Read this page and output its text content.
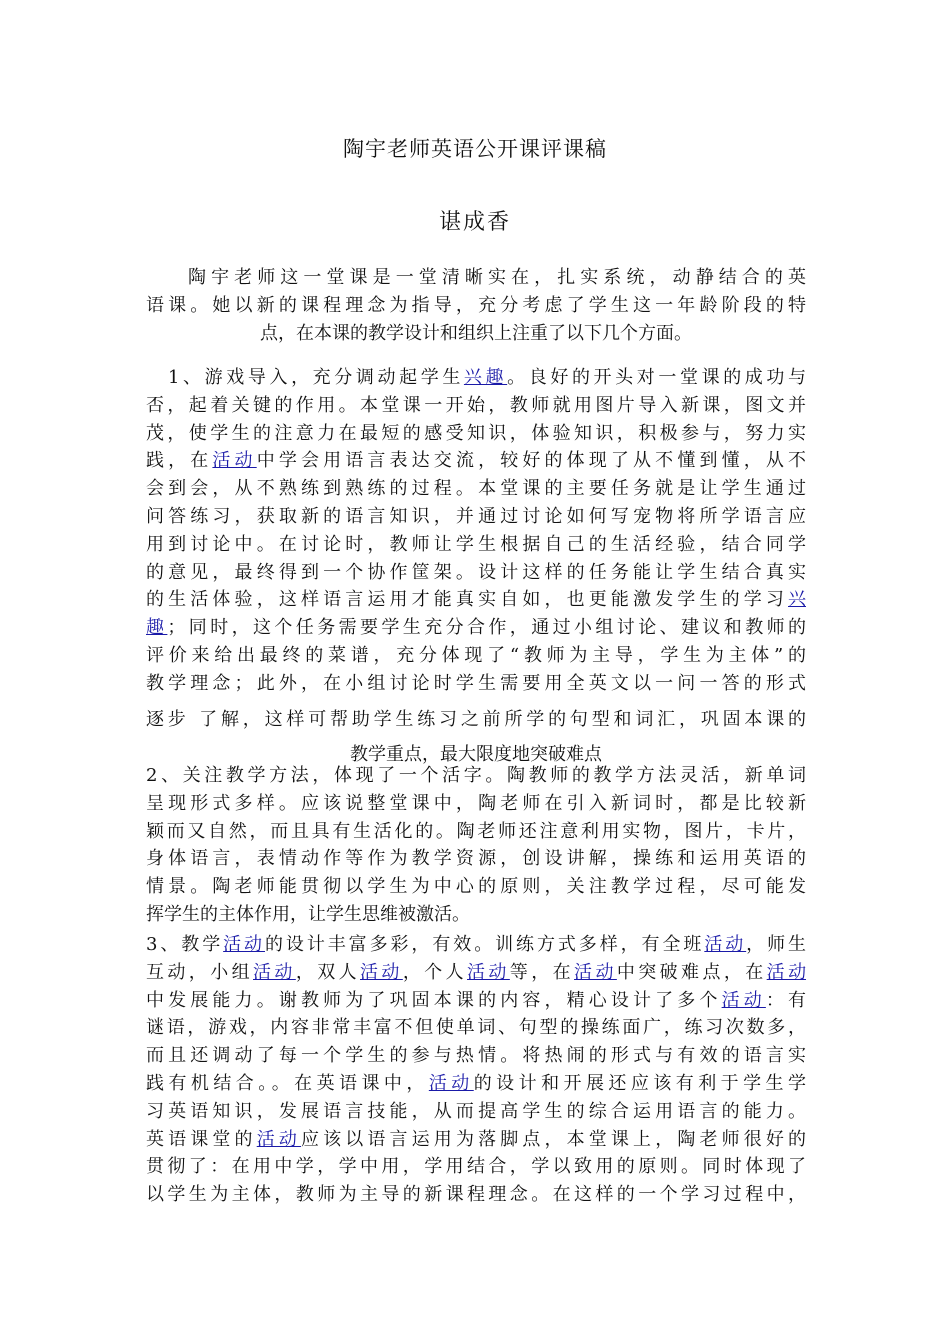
陶宇老师英语公开课评课稿
谌成香
陶宇老师这一堂课是一堂清晰实在，扎实系统，动静结合的英
语课。她以新的课程理念为指导，充分考虑了学生这一年龄阶段的特
点，在本课的教学设计和组织上注重了以下几个方面。
1、游戏导入，充分调动起学生兴趣。良好的开头对一堂课的成功与
否，起着关键的作用。本堂课一开始，教师就用图片导入新课，图文并
茂，使学生的注意力在最短的感受知识，体验知识，积极参与，努力实
践，在活动中学会用语言表达交流，较好的体现了从不懂到懂，从不
会到会，从不熟练到熟练的过程。本堂课的主要任务就是让学生通过
问答练习，获取新的语言知识，并通过讨论如何写宠物将所学语言应
用到讨论中。在讨论时，教师让学生根据自己的生活经验，结合同学
的意见，最终得到一个协作筐架。设计这样的任务能让学生结合真实
的生活体验，这样语言运用才能真实自如，也更能激发学生的学习兴
趣；同时，这个任务需要学生充分合作，通过小组讨论、建议和教师的
评价来给出最终的菜谱，充分体现了“教师为主导，学生为主体”的
教学理念；此外，在小组讨论时学生需要用全英文以一问一答的形式
逐步 了解，这样可帮助学生练习之前所学的句型和词汇，巩固本课的
教学重点，最大限度地突破难点
2、关注教学方法，体现了一个活字。陶教师的教学方法灵活，新单词
呈现形式多样。应该说整堂课中，陶老师在引入新词时，都是比较新
颖而又自然，而且具有生活化的。陶老师还注意利用实物，图片，卡片，
身体语言，表情动作等作为教学资源，创设讲解，操练和运用英语的
情景。陶老师能贯彻以学生为中心的原则，关注教学过程，尽可能发
挥学生的主体作用，让学生思维被激活。
3、教学活动的设计丰富多彩，有效。训练方式多样，有全班活动，师生
互动，小组活动，双人活动，个人活动等，在活动中突破难点，在活动
中发展能力。谢教师为了巩固本课的内容，精心设计了多个活动：有
谜语，游戏，内容非常丰富不但使单词、句型的操练面广，练习次数多，
而且还调动了每一个学生的参与热情。将热闹的形式与有效的语言实
践有机结合。。在英语课中，活动的设计和开展还应该有利于学生学
习英语知识，发展语言技能，从而提高学生的综合运用语言的能力。
英语课堂的活动应该以语言运用为落脚点，本堂课上，陶老师很好的
贯彻了：在用中学，学中用，学用结合，学以致用的原则。同时体现了
以学生为主体，教师为主导的新课程理念。在这样的一个学习过程中，
